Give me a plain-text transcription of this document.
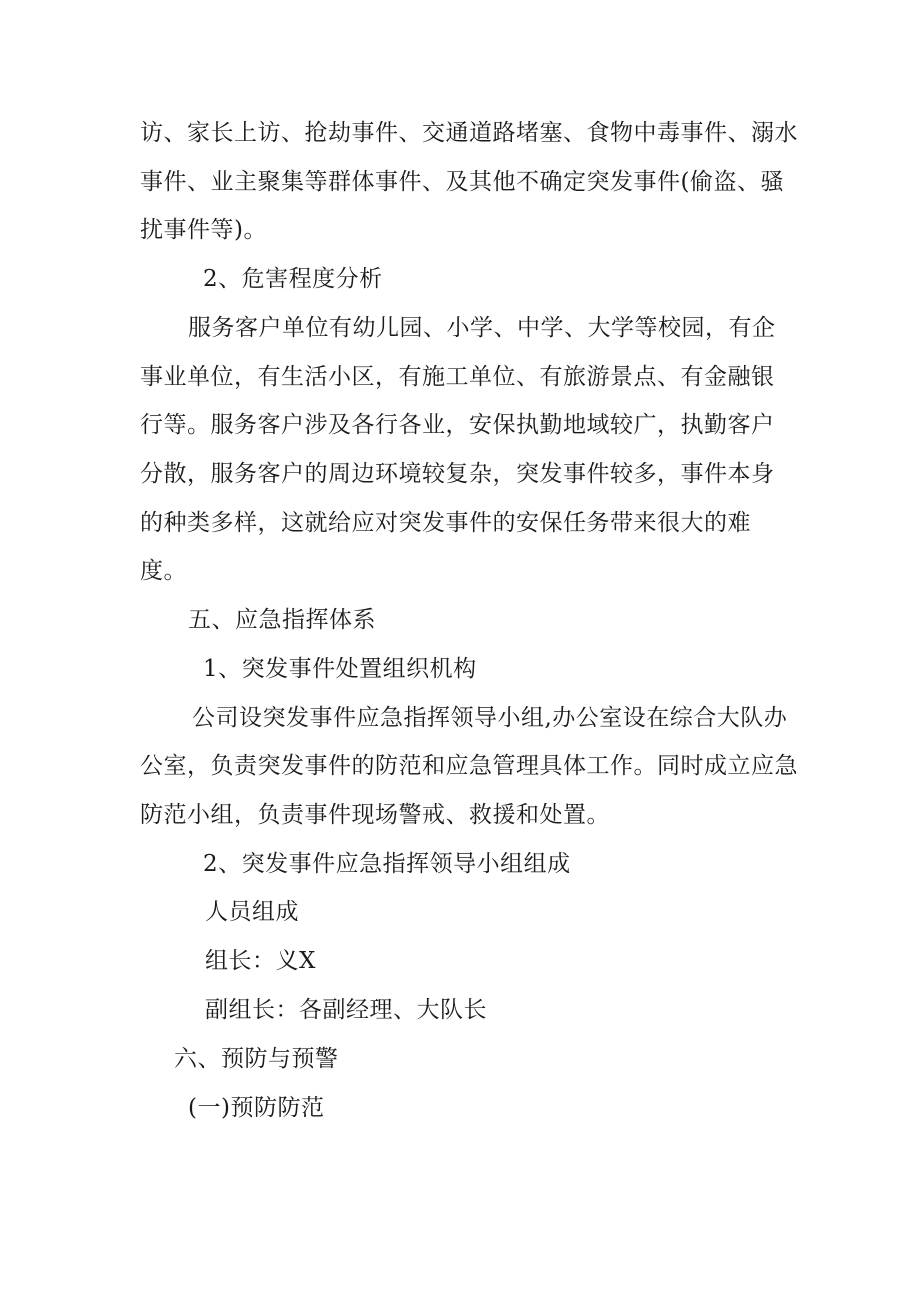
访、家长上访、抢劫事件、交通道路堵塞、食物中毒事件、溺水
事件、业主聚集等群体事件、及其他不确定突发事件(偷盗、骚
扰事件等)。
2、危害程度分析
服务客户单位有幼儿园、小学、中学、大学等校园，有企
事业单位，有生活小区，有施工单位、有旅游景点、有金融银
行等。服务客户涉及各行各业，安保执勤地域较广，执勤客户
分散，服务客户的周边环境较复杂，突发事件较多，事件本身
的种类多样，这就给应对突发事件的安保任务带来很大的难
度。
五、应急指挥体系
1、突发事件处置组织机构
公司设突发事件应急指挥领导小组,办公室设在综合大队办
公室，负责突发事件的防范和应急管理具体工作。同时成立应急
防范小组，负责事件现场警戒、救援和处置。
2、突发事件应急指挥领导小组组成
人员组成
组长：义X
副组长：各副经理、大队长
六、预防与预警
(一)预防防范
